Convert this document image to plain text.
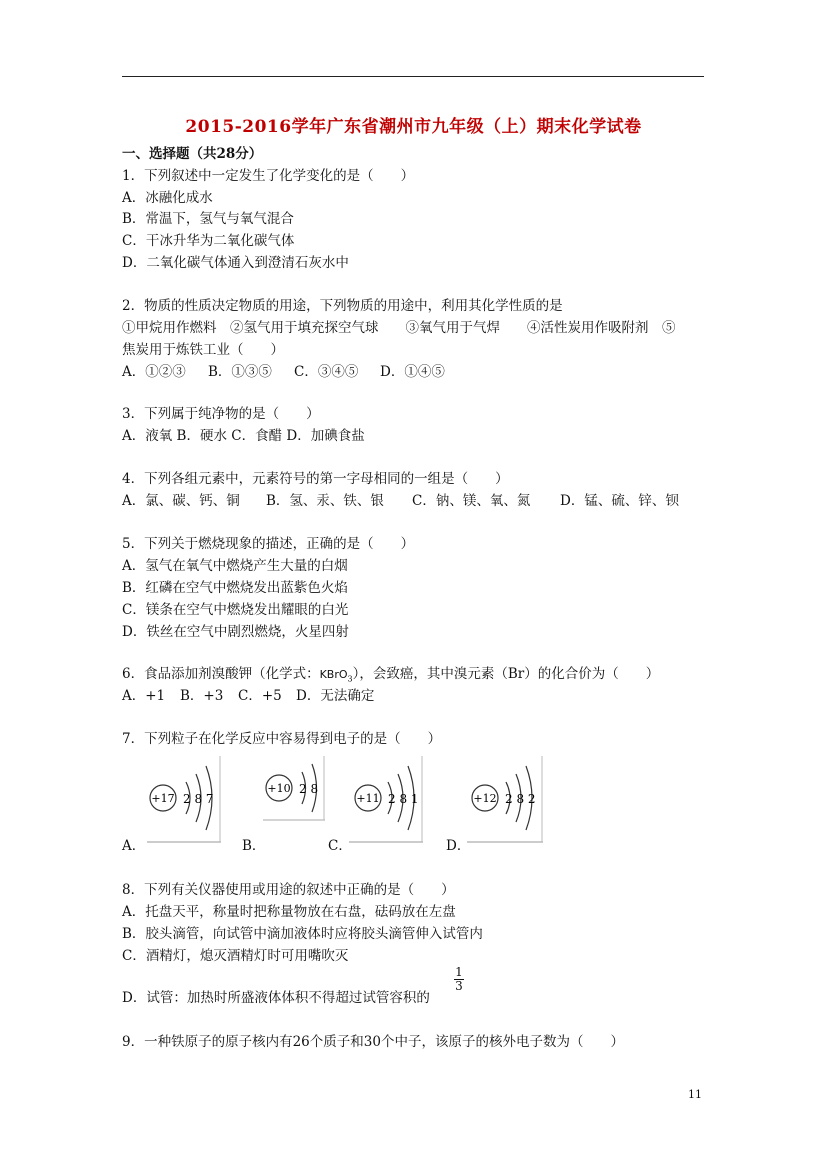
2015-2016学年广东省潮州市九年级（上）期末化学试卷
一、选择题（共28分）
1．下列叙述中一定发生了化学变化的是（　　）
A．冰融化成水
B．常温下，氢气与氧气混合
C．干冰升华为二氧化碳气体
D．二氧化碳气体通入到澄清石灰水中
2．物质的性质决定物质的用途，下列物质的用途中，利用其化学性质的是
①甲烷用作燃料　②氢气用于填充探空气球　　③氧气用于气焊　　④活性炭用作吸附剂　⑤
焦炭用于炼铁工业（　　）
A．①②③ B．①③⑤ C．③④⑤ D．①④⑤
3．下列属于纯净物的是（　　）
A．液氧 B．硬水 C．食醋 D．加碘食盐
4．下列各组元素中，元素符号的第一字母相同的一组是（　　）
A．氯、碳、钙、铜 B．氢、汞、铁、银 C．钠、镁、氧、氮 D．锰、硫、锌、钡
5．下列关于燃烧现象的描述，正确的是（　　）
A．氢气在氧气中燃烧产生大量的白烟
B．红磷在空气中燃烧发出蓝紫色火焰
C．镁条在空气中燃烧发出耀眼的白光
D．铁丝在空气中剧烈燃烧，火星四射
6．食品添加剂溴酸钾（化学式：KBrO$_3$），会致癌，其中溴元素（Br）的化合价为（　　）
A．+1 B．+3 C．+5 D．无法确定
7．下列粒子在化学反应中容易得到电子的是（　　）
+17 2 8 7
A．
+10 2 8
B．
+11 2 8 1
C．
+12 2 8 2
D．
8．下列有关仪器使用或用途的叙述中正确的是（　　）
A．托盘天平，称量时把称量物放在右盘，砝码放在左盘
B．胶头滴管，向试管中滴加液体时应将胶头滴管伸入试管内
C．酒精灯，熄灭酒精灯时可用嘴吹灭
D．试管：加热时所盛液体体积不得超过试管容积的
$\frac{1}{3}$
9．一种铁原子的原子核内有26个质子和30个中子，该原子的核外电子数为（　　）
11
